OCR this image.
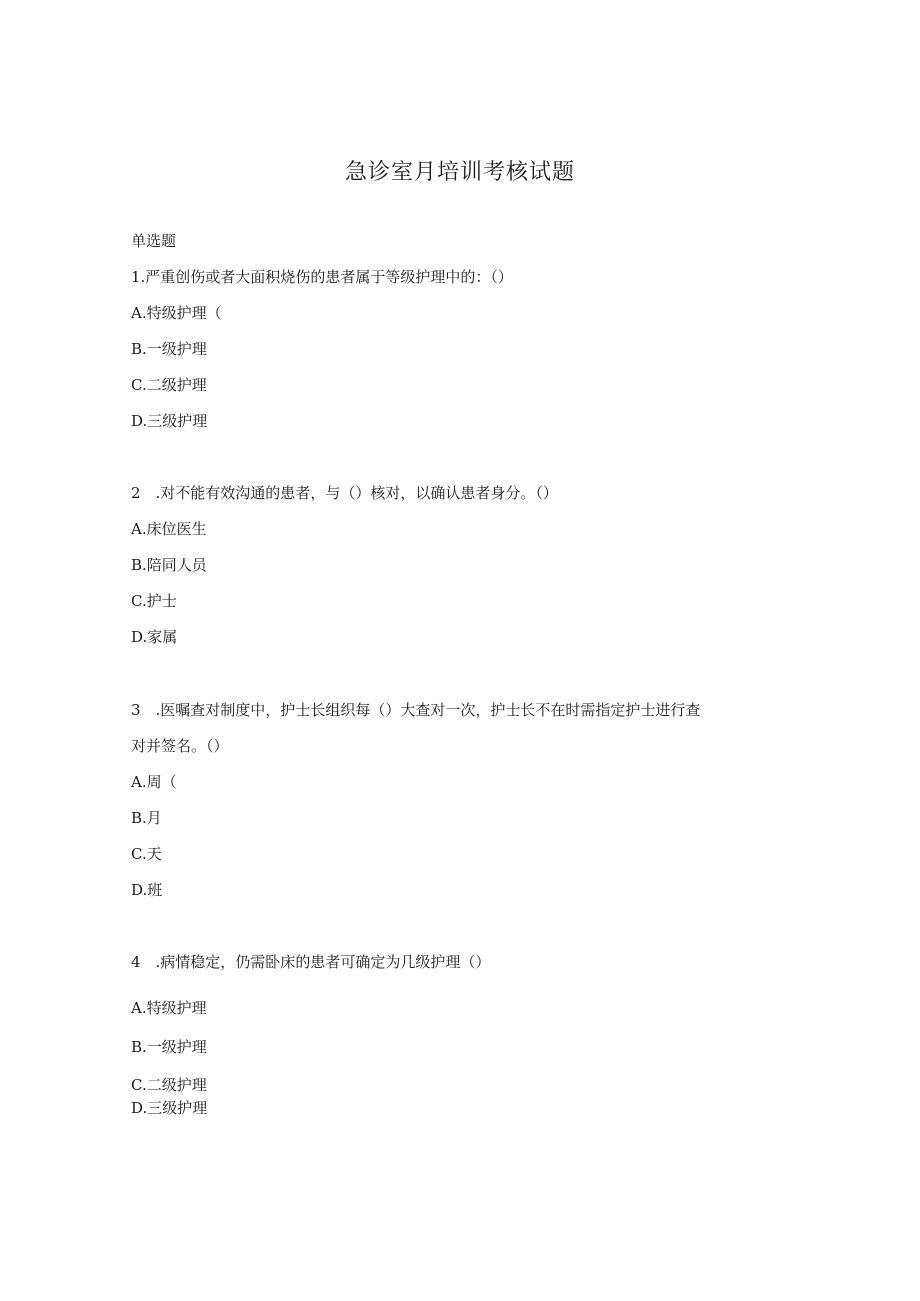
急诊室月培训考核试题
单选题
1.严重创伤或者大面积烧伤的患者属于等级护理中的：（）
A.特级护理（
B.一级护理
C.二级护理
D.三级护理
2　.对不能有效沟通的患者，与（）核对，以确认患者身分。（）
A.床位医生
B.陪同人员
C.护士
D.家属
3　.医嘱查对制度中，护士长组织每（）大查对一次，护士长不在时需指定护士进行查
对并签名。（）
A.周（
B.月
C.天
D.班
4　.病情稳定，仍需卧床的患者可确定为几级护理（）
A.特级护理
B.一级护理
C.二级护理
D.三级护理
